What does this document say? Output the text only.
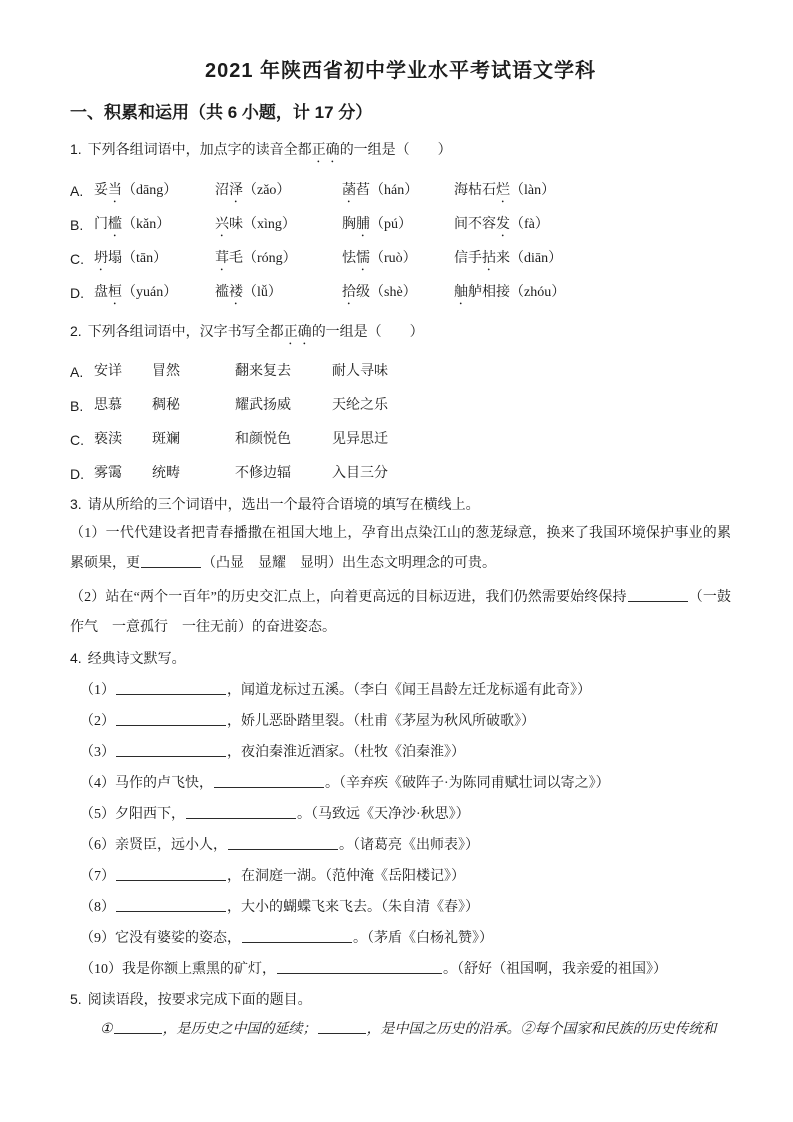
2021 年陕西省初中学业水平考试语文学科
一、积累和运用（共 6 小题，计 17 分）

1. 下列各组词语中，加点字的读音全都正确的一组是（　　）

A. 妥当（dāng）	沼泽（zǎo）	菡萏（hán）	海枯石烂（làn）
B. 门槛（kǎn）	兴味（xìng）	胸脯（pú）	间不容发（fà）
C. 坍塌（tān）	茸毛（róng）	怯懦（ruò）	信手拈来（diān）
D. 盘桓（yuán）	褴褛（lǚ）	拾级（shè）	舳舻相接（zhóu）

2. 下列各组词语中，汉字书写全都正确的一组是（　　）

A. 安详	冒然	翻来复去	耐人寻味
B. 思慕	稠秘	耀武扬威	天纶之乐
C. 亵渎	斑斓	和颜悦色	见异思迁
D. 雾霭	统畴	不修边辐	入目三分

3. 请从所给的三个词语中，选出一个最符合语境的填写在横线上。

（1）一代代建设者把青春播撒在祖国大地上，孕育出点染江山的葱茏绿意，换来了我国环境保护事业的累累硕果，更	（凸显　显耀　显明）出生态文明理念的可贵。

（2）站在“两个一百年”的历史交汇点上，向着更高远的目标迈进，我们仍然需要始终保持	（一鼓作气　一意孤行　一往无前）的奋进姿态。

4. 经典诗文默写。

（1）	，闻道龙标过五溪。（李白《闻王昌龄左迁龙标遥有此奇》）

（2）	，娇儿恶卧踏里裂。（杜甫《茅屋为秋风所破歌》）

（3）	，夜泊秦淮近酒家。（杜牧《泊秦淮》）

（4）马作的卢飞快，	。（辛弃疾《破阵子·为陈同甫赋壮词以寄之》）

（5）夕阳西下，	。（马致远《天净沙·秋思》）

（6）亲贤臣，远小人，	。（诸葛亮《出师表》）

（7）	，在洞庭一湖。（范仲淹《岳阳楼记》）

（8）	，大小的蝴蝶飞来飞去。（朱自清《春》）

（9）它没有婆娑的姿态，	。（茅盾《白杨礼赞》）

（10）我是你额上熏黑的矿灯，	。（舒好（祖国啊，我亲爱的祖国》）

5. 阅读语段，按要求完成下面的题目。

①	，是历史之中国的延续；	，是中国之历史的沿承。②每个国家和民族的历史传统和
